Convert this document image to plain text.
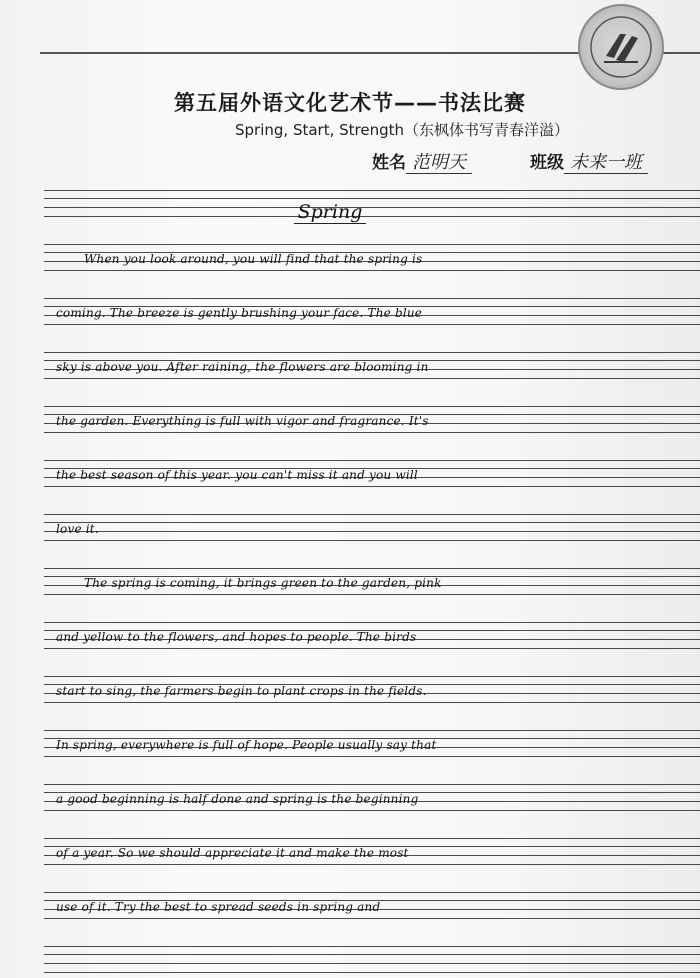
第五届外语文化艺术节——书法比赛
Spring, Start, Strength（东枫体书写青春洋溢）
姓名 范明天	班级 未来一班
Spring
When you look around, you will find that the spring is
coming. The breeze is gently brushing your face. The blue
sky is above you. After raining, the flowers are blooming in
the garden. Everything is full with vigor and fragrance. It's
the best season of this year. you can't miss it and you will
love it.
The spring is coming, it brings green to the garden, pink
and yellow to the flowers, and hopes to people. The birds
start to sing, the farmers begin to plant crops in the fields.
In spring, everywhere is full of hope. People usually say that
a good beginning is half done and spring is the beginning
of a year. So we should appreciate it and make the most
use of it. Try the best to spread seeds in spring and
